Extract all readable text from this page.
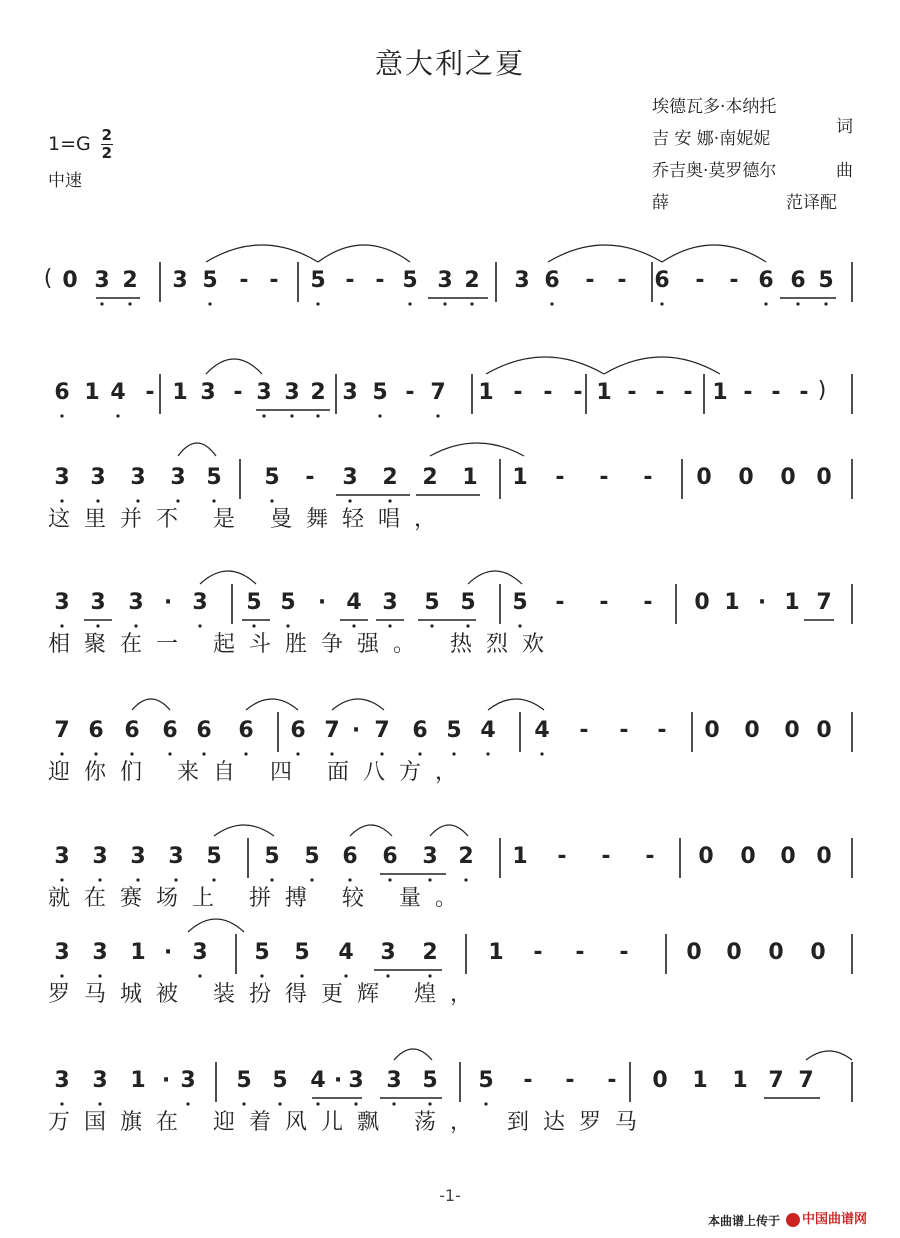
意大利之夏
埃德瓦多·本纳托
吉 安 娜·南妮妮
词
乔吉奥·莫罗德尔	曲
薛	范译配
$1=G \frac{2}{2}$
中速
0 3 2 3 5 - - 5 - - 5 3 2 3 6 - - 6 - - 6 6 5
6 1 4 - 1 3 - 3 3 2 3 5 - 7 1 - - - 1 - - - 1 - - -
3 3 3 3 5 5 - 3 2 2 1 1 - - - 0 0 0 0
这里并不 是 曼舞轻唱，
3 3 3 · 3 5 5 · 4 3 5 5 5 - - - 0 1 · 1 7
相聚在一 起斗胜争强。 热烈欢
7 6 6 6 6 6 6 7 · 7 6 5 4 4 - - - 0 0 0 0
迎你们 来自 四 面八方，
3 3 3 3 5 5 5 6 6 3 2 1 - - - 0 0 0 0
就在赛场上 拼搏 较 量。
3 3 1 · 3 5 5 4 3 2 1 - - -	0 0 0 0
罗马城被 装扮得更辉 煌，
3 3 1 · 3 5 5 4 · 3 3 5 5 - - - 0 1 1 7 7
万国旗在 迎着风儿飘 荡， 到达罗马
(
)
-1-
本曲谱上传于	中国曲谱网
